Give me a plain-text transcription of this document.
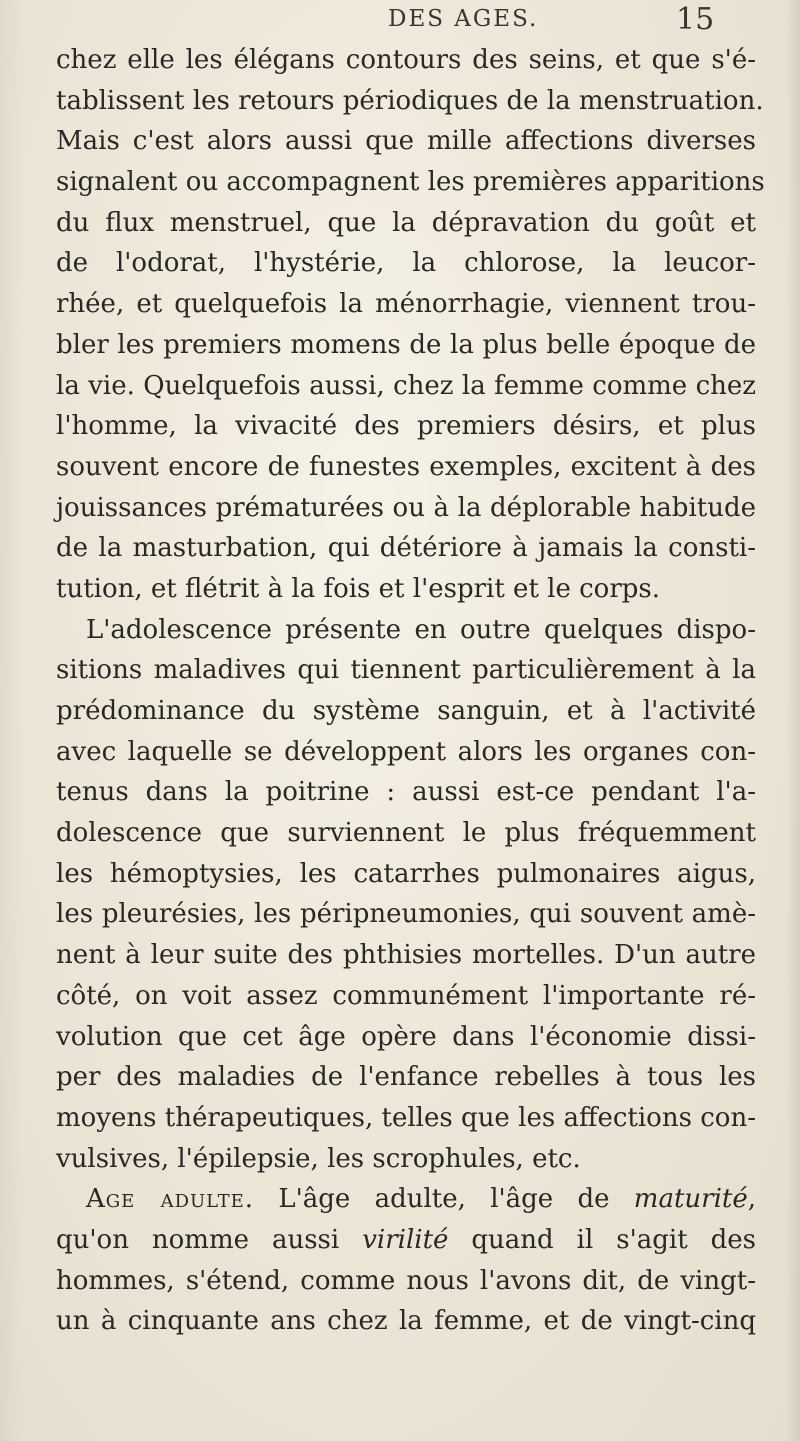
DES AGES.	15
chez elle les élégans contours des seins, et que s'é-
tablissent les retours périodiques de la menstruation.
Mais c'est alors aussi que mille affections diverses
signalent ou accompagnent les premières apparitions
du flux menstruel, que la dépravation du goût et
de l'odorat, l'hystérie, la chlorose, la leucor-
rhée, et quelquefois la ménorrhagie, viennent trou-
bler les premiers momens de la plus belle époque de
la vie. Quelquefois aussi, chez la femme comme chez
l'homme, la vivacité des premiers désirs, et plus
souvent encore de funestes exemples, excitent à des
jouissances prématurées ou à la déplorable habitude
de la masturbation, qui détériore à jamais la consti-
tution, et flétrit à la fois et l'esprit et le corps.
L'adolescence présente en outre quelques dispo-
sitions maladives qui tiennent particulièrement à la
prédominance du système sanguin, et à l'activité
avec laquelle se développent alors les organes con-
tenus dans la poitrine : aussi est-ce pendant l'a-
dolescence que surviennent le plus fréquemment
les hémoptysies, les catarrhes pulmonaires aigus,
les pleurésies, les péripneumonies, qui souvent amè-
nent à leur suite des phthisies mortelles. D'un autre
côté, on voit assez communément l'importante ré-
volution que cet âge opère dans l'économie dissi-
per des maladies de l'enfance rebelles à tous les
moyens thérapeutiques, telles que les affections con-
vulsives, l'épilepsie, les scrophules, etc.
Age adulte. L'âge adulte, l'âge de maturité,
qu'on nomme aussi virilité quand il s'agit des
hommes, s'étend, comme nous l'avons dit, de vingt-
un à cinquante ans chez la femme, et de vingt-cinq
